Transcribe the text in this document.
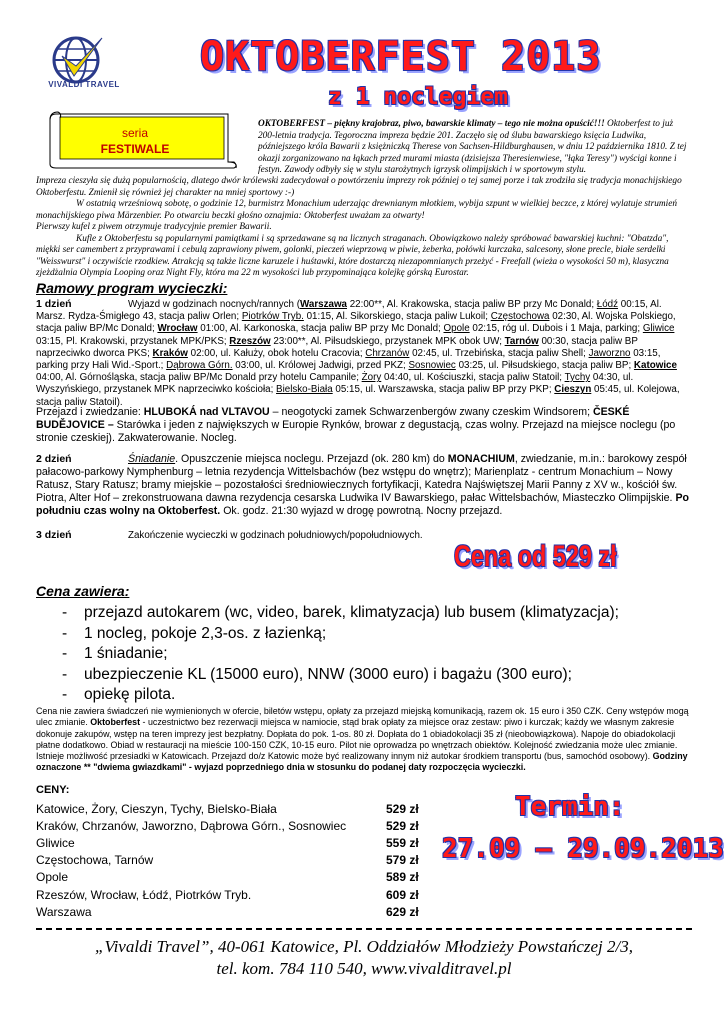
VIVALDI TRAVEL
OKTOBERFEST 2013
z 1 noclegiem
seria
FESTIWALE
OKTOBERFEST – piękny krajobraz, piwo, bawarskie klimaty – tego nie można opuścić!!! Oktoberfest to już 200-letnia tradycja. Tegoroczna impreza będzie 201. Zaczęło się od ślubu bawarskiego księcia Ludwika, późniejszego króla Bawarii z księżniczką Therese von Sachsen-Hildburghausen, w dniu 12 października 1810. Z tej okazji zorganizowano na łąkach przed murami miasta (dzisiejsza Theresienwiese, "łąka Teresy") wyścigi konne i festyn. Zawody odbyły się w stylu starożytnych igrzysk olimpijskich i w sportowym stylu.

Impreza cieszyła się dużą popularnością, dlatego dwór królewski zadecydował o powtórzeniu imprezy rok później o tej samej porze i tak zrodziła się tradycja monachijskiego Oktoberfestu. Zmienił się również jej charakter na mniej sportowy :-)

W ostatnią wrześniową sobotę, o godzinie 12, burmistrz Monachium uderzając drewnianym młotkiem, wybija szpunt w wielkiej beczce, z której wylatuje strumień monachijskiego piwa Märzenbier. Po otwarciu beczki głośno oznajmia: Oktoberfest uważam za otwarty!

Pierwszy kufel z piwem otrzymuje tradycyjnie premier Bawarii.

Kufle z Oktoberfestu są popularnymi pamiątkami i są sprzedawane są na licznych straganach. Obowiązkowo należy spróbować bawarskiej kuchni: "Obatzda", miękki ser camembert z przyprawami i cebulą zaprawiony piwem, golonki, pieczeń wieprzową w piwie, żeberka, połówki kurczaka, salcesony, słone precle, białe serdelki "Weisswurst" i oczywiście rzodkiew. Atrakcją są także liczne karuzele i huśtawki, które dostarczą niezapomnianych przeżyć - Freefall (wieża o wysokości 50 m), klasyczna zjeżdżalnia Olympia Looping oraz Night Fly, która ma 22 m wysokości lub przypominająca kolejkę górską Eurostar.

Ramowy program wycieczki:
1 dzień	Wyjazd w godzinach nocnych/rannych (Warszawa 22:00**, Al. Krakowska, stacja paliw BP przy Mc Donald; Łódź 00:15, Al. Marsz. Rydza-Śmigłego 43, stacja paliw Orlen; Piotrków Tryb. 01:15, Al. Sikorskiego, stacja paliw Lukoil; Częstochowa 02:30, Al. Wojska Polskiego, stacja paliw BP/Mc Donald; Wrocław 01:00, Al. Karkonoska, stacja paliw BP przy Mc Donald; Opole 02:15, róg ul. Dubois i 1 Maja, parking; Gliwice 03:15, Pl. Krakowski, przystanek MPK/PKS; Rzeszów 23:00**, Al. Piłsudskiego, przystanek MPK obok UW; Tarnów 00:30, stacja paliw BP naprzeciwko dworca PKS; Kraków 02:00, ul. Kałuży, obok hotelu Cracovia; Chrzanów 02:45, ul. Trzebińska, stacja paliw Shell; Jaworzno 03:15, parking przy Hali Wid.-Sport.; Dąbrowa Górn. 03:00, ul. Królowej Jadwigi, przed PKZ; Sosnowiec 03:25, ul. Piłsudskiego, stacja paliw BP; Katowice 04:00, Al. Górnośląska, stacja paliw BP/Mc Donald przy hotelu Campanile; Żory 04:40, ul. Kościuszki, stacja paliw Statoil; Tychy 04:30, ul. Wyszyńskiego, przystanek MPK naprzeciwko kościoła; Bielsko-Biała 05:15, ul. Warszawska, stacja paliw BP przy PKP; Cieszyn 05:45, ul. Kolejowa, stacja paliw Statoil).
Przejazd i zwiedzanie: HLUBOKÁ nad VLTAVOU – neogotycki zamek Schwarzenbergów zwany czeskim Windsorem; ČESKÉ BUDĚJOVICE – Starówka i jeden z największych w Europie Rynków, browar z degustacją, czas wolny. Przejazd na miejsce noclegu (po stronie czeskiej). Zakwaterowanie. Nocleg.
2 dzień	Śniadanie. Opuszczenie miejsca noclegu. Przejazd (ok. 280 km) do MONACHIUM, zwiedzanie, m.in.: barokowy zespół pałacowo-parkowy Nymphenburg – letnia rezydencja Wittelsbachów (bez wstępu do wnętrz); Marienplatz - centrum Monachium – Nowy Ratusz, Stary Ratusz; bramy miejskie – pozostałości średniowiecznych fortyfikacji, Katedra Najświętszej Marii Panny z XV w., kościół św. Piotra, Alter Hof – zrekonstruowana dawna rezydencja cesarska Ludwika IV Bawarskiego, pałac Wittelsbachów, Miasteczko Olimpijskie. Po południu czas wolny na Oktoberfest. Ok. godz. 21:30 wyjazd w drogę powrotną. Nocny przejazd.
3 dzień	Zakończenie wycieczki w godzinach południowych/popołudniowych.
Cena od 529 zł
Cena zawiera:
- przejazd autokarem (wc, video, barek, klimatyzacja) lub busem (klimatyzacja);
- 1 nocleg, pokoje 2,3-os. z łazienką;
- 1 śniadanie;
- ubezpieczenie KL (15000 euro), NNW (3000 euro) i bagażu (300 euro);
- opiekę pilota.
Cena nie zawiera świadczeń nie wymienionych w ofercie, biletów wstępu, opłaty za przejazd miejską komunikacją, razem ok. 15 euro i 350 CZK. Ceny wstępów mogą ulec zmianie. Oktoberfest - uczestnictwo bez rezerwacji miejsca w namiocie, stąd brak opłaty za miejsce oraz zestaw: piwo i kurczak; każdy we własnym zakresie dokonuje zakupów, wstęp na teren imprezy jest bezpłatny. Dopłata do pok. 1-os. 80 zł. Dopłata do 1 obiadokolacji 35 zł (nieobowiązkowa). Napoje do obiadokolacji płatne dodatkowo. Obiad w restauracji na mieście 100-150 CZK, 10-15 euro. Pilot nie oprowadza po wnętrzach obiektów. Kolejność zwiedzania może ulec zmianie. Istnieje możliwość przesiadki w Katowicach. Przejazd do/z Katowic może być realizowany innym niż autokar środkiem transportu (bus, samochód osobowy). Godziny oznaczone ** "dwiema gwiazdkami" - wyjazd poprzedniego dnia w stosunku do podanej daty rozpoczęcia wycieczki.
CENY:
Katowice, Żory, Cieszyn, Tychy, Bielsko-Biała	529 zł
Kraków, Chrzanów, Jaworzno, Dąbrowa Górn., Sosnowiec	529 zł
Gliwice	559 zł
Częstochowa, Tarnów	579 zł
Opole	589 zł
Rzeszów, Wrocław, Łódź, Piotrków Tryb.	609 zł
Warszawa	629 zł
Termin:
27.09 – 29.09.2013
„Vivaldi Travel”, 40-061 Katowice, Pl. Oddziałów Młodzieży Powstańczej 2/3,
tel. kom. 784 110 540, www.vivalditravel.pl
